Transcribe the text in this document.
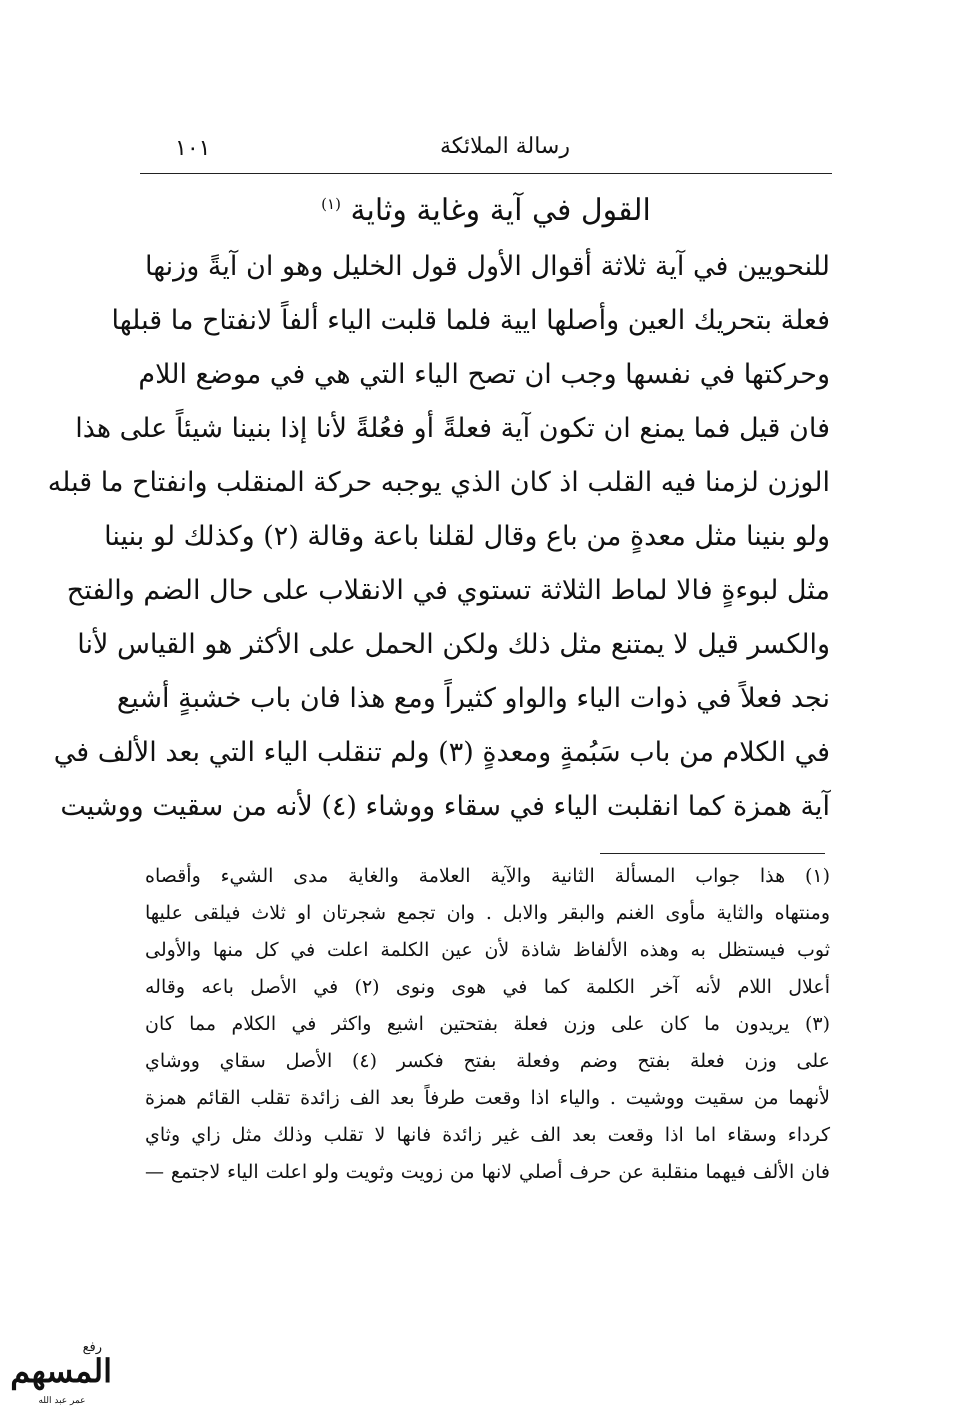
١٠١	رسالة الملائكة
القول في آية وغاية وثاية $^{(١)}$
للنحويين في آية ثلاثة أقوال الأول قول الخليل وهو ان آيةً وزنها
فعلة بتحريك العين وأصلها ايية فلما قلبت الياء ألفاً لانفتاح ما قبلها
وحركتها في نفسها وجب ان تصح الياء التي هي في موضع اللام
فان قيل فما يمنع ان تكون آية فعلةً أو فعُلةً لأنا إذا بنينا شيئاً على هذا
الوزن لزمنا فيه القلب اذ كان الذي يوجبه حركة المنقلب وانفتاح ما قبله
ولو بنينا مثل معدةٍ من باع وقال لقلنا باعة وقالة (٢) وكذلك لو بنينا
مثل لبوءةٍ فالا لماط الثلاثة تستوي في الانقلاب على حال الضم والفتح
والكسر قيل لا يمتنع مثل ذلك ولكن الحمل على الأكثر هو القياس لأنا
نجد فعلاً في ذوات الياء والواو كثيراً ومع هذا فان باب خشبةٍ أشيع
في الكلام من باب سَبُمةٍ ومعدةٍ (٣) ولم تنقلب الياء التي بعد الألف في
آية همزة كما انقلبت الياء في سقاء ووشاء (٤) لأنه من سقيت ووشيت
(١) هذا جواب المسألة الثانية والآية العلامة والغاية مدى الشيء وأقصاه
ومنتهاه والثاية مأوى الغنم والبقر والابل . وان تجمع شجرتان او ثلاث فيلقى عليها
ثوب فيستظل به وهذه الألفاظ شاذة لأن عين الكلمة اعلت في كل منها والأولى
أعلال اللام لأنه آخر الكلمة كما في هوى ونوى (٢) في الأصل باعه وقاله
(٣) يريدون ما كان على وزن فعلة بفتحتين اشيع واكثر في الكلام مما كان
على وزن فعلة بفتح وضم وفعلة بفتح فكسر (٤) الأصل سقاي ووشاي
لأنهما من سقيت ووشيت . والياء اذا وقعت طرفاً بعد الف زائدة تقلب القائم همزة
كرداء وسقاء اما اذا وقعت بعد الف غير زائدة فانها لا تقلب وذلك مثل زاي وثاي
فان الألف فيهما منقلبة عن حرف أصلي لانها من زويت وثويت ولو اعلت الياء لاجتمع —
رفع
المسهم
عمر عبد الله
